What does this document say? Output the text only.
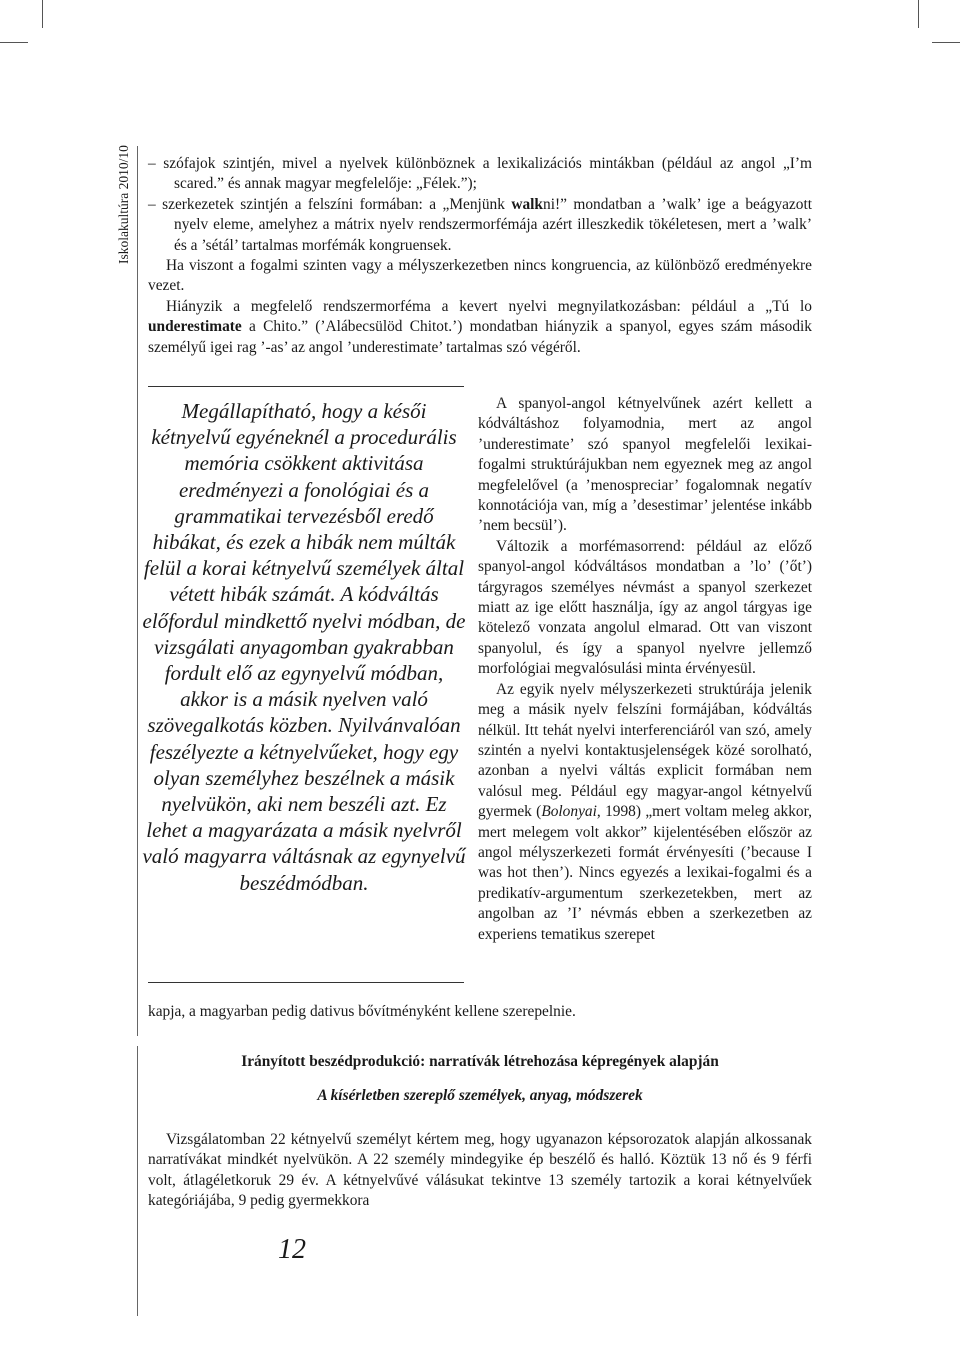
Iskolakultúra 2010/10 – szófajok szintjén, mivel a nyelvek különböznek a lexikalizációs mintákban (például az angol „I’m scared.” és annak magyar megfelelője: „Félek.”);

– szerkezetek szintjén a felszíni formában: a „Menjünk walkni!” mondatban a ’walk’ ige a beágyazott nyelv eleme, amelyhez a mátrix nyelv rendszermorfémája azért illeszkedik tökéletesen, mert a ’walk’ és a ’sétál’ tartalmas morfémák kongruensek.

Ha viszont a fogalmi szinten vagy a mélyszerkezetben nincs kongruencia, az különböző eredményekre vezet.

Hiányzik a megfelelő rendszermorféma a kevert nyelvi megnyilatkozásban: például a „Tú lo underestimate a Chito.” (’Alábecsülöd Chitot.’) mondatban hiányzik a spanyol, egyes szám második személyű igei rag ’-as’ az angol ’underestimate’ tartalmas szó végéről.

Megállapítható, hogy a késői kétnyelvű egyéneknél a procedurális memória csökkent aktivitása eredményezi a fonológiai és a grammatikai tervezésből eredő hibákat, és ezek a hibák nem múlták felül a korai kétnyelvű személyek által vétett hibák számát. A kódváltás előfordul mindkettő nyelvi módban, de vizsgálati anyagomban gyakrabban fordult elő az egynyelvű módban, akkor is a másik nyelven való szövegalkotás közben. Nyilvánvalóan feszélyezte a kétnyelvűeket, hogy egy olyan személyhez beszélnek a másik nyelvükön, aki nem beszéli azt. Ez lehet a magyarázata a másik nyelvről való magyarra váltásnak az egynyelvű beszédmódban.

A spanyol-angol kétnyelvűnek azért kellett a kódváltáshoz folyamodnia, mert az angol ’underestimate’ szó spanyol megfelelői lexikai-fogalmi struktúrájukban nem egyeznek meg az angol megfelelővel (a ’menospreciar’ fogalomnak negatív konnotációja van, míg a ’desestimar’ jelentése inkább ’nem becsül’).

Változik a morfémasorrend: például az előző spanyol-angol kódváltásos mondatban a ’lo’ (’őt’) tárgyragos személyes névmást a spanyol szerkezet miatt az ige előtt használja, így az angol tárgyas ige kötelező vonzata angolul elmarad. Ott van viszont spanyolul, és így a spanyol nyelvre jellemző morfológiai megvalósulási minta érvényesül.

Az egyik nyelv mélyszerkezeti struktúrája jelenik meg a másik nyelv felszíni formájában, kódváltás nélkül. Itt tehát nyelvi interferenciáról van szó, amely szintén a nyelvi kontaktusjelenségek közé sorolható, azonban a nyelvi váltás explicit formában nem valósul meg. Például egy magyar-angol kétnyelvű gyermek (Bolonyai, 1998) „mert voltam meleg akkor, mert melegem volt akkor” kijelentésében először az angol mélyszerkezeti formát érvényesíti (’because I was hot then’). Nincs egyezés a lexikai-fogalmi és a predikatív-argumentum szerkezetekben, mert az angolban az ’I’ névmás ebben a szerkezetben az experiens tematikus szerepet

kapja, a magyarban pedig dativus bővítményként kellene szerepelnie.
Irányított beszédprodukció: narratívák létrehozása képregények alapján
A kísérletben szereplő személyek, anyag, módszerek

Vizsgálatomban 22 kétnyelvű személyt kértem meg, hogy ugyanazon képsorozatok alapján alkossanak narratívákat mindkét nyelvükön. A 22 személy mindegyike ép beszélő és halló. Köztük 13 nő és 9 férfi volt, átlagéletkoruk 29 év. A kétnyelvűvé válásukat tekintve 13 személy tartozik a korai kétnyelvűek kategóriájába, 9 pedig gyermekkora

12
